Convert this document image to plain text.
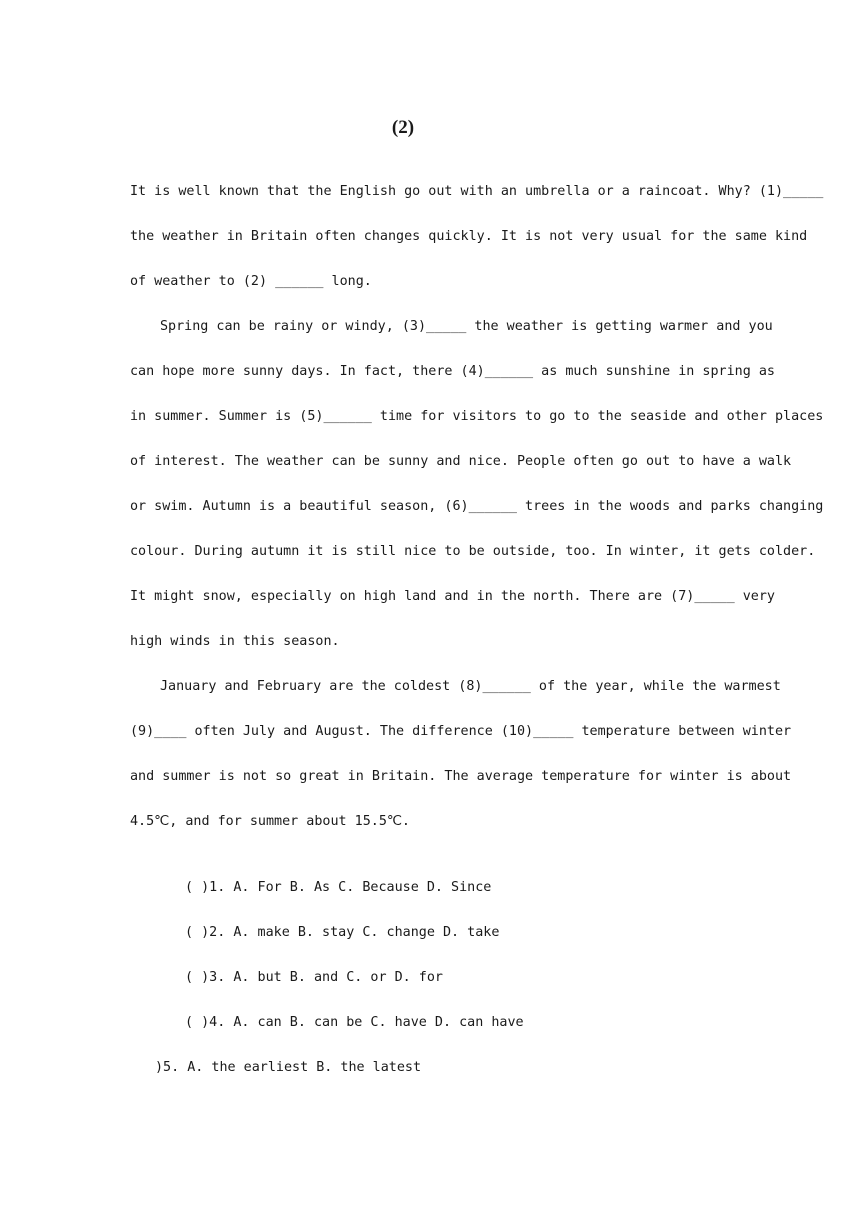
(2)
It is well known that the English go out with an umbrella or a raincoat. Why? (1)_____
the weather in Britain often changes quickly. It is not very usual for the same kind
of weather to (2) ______ long.
Spring can be rainy or windy, (3)_____ the weather is getting warmer and you
can hope more sunny days. In fact, there (4)______ as much sunshine in spring as
in summer. Summer is (5)______ time for visitors to go to the seaside and other places
of interest. The weather can be sunny and nice. People often go out to have a walk
or swim. Autumn is a beautiful season, (6)______ trees in the woods and parks changing
colour. During autumn it is still nice to be outside, too. In winter, it gets colder.
It might snow, especially on high land and in the north. There are (7)_____ very
high winds in this season.
January and February are the coldest (8)______ of the year, while the warmest
(9)____ often July and August. The difference (10)_____ temperature between winter
and summer is not so great in Britain. The average temperature for winter is about
4.5℃, and for summer about 15.5℃.
( )1. A. For B. As C. Because D. Since
( )2. A. make B. stay C. change D. take
( )3. A. but B. and C. or D. for
( )4. A. can B. can be C. have D. can have
)5. A. the earliest B. the latest
